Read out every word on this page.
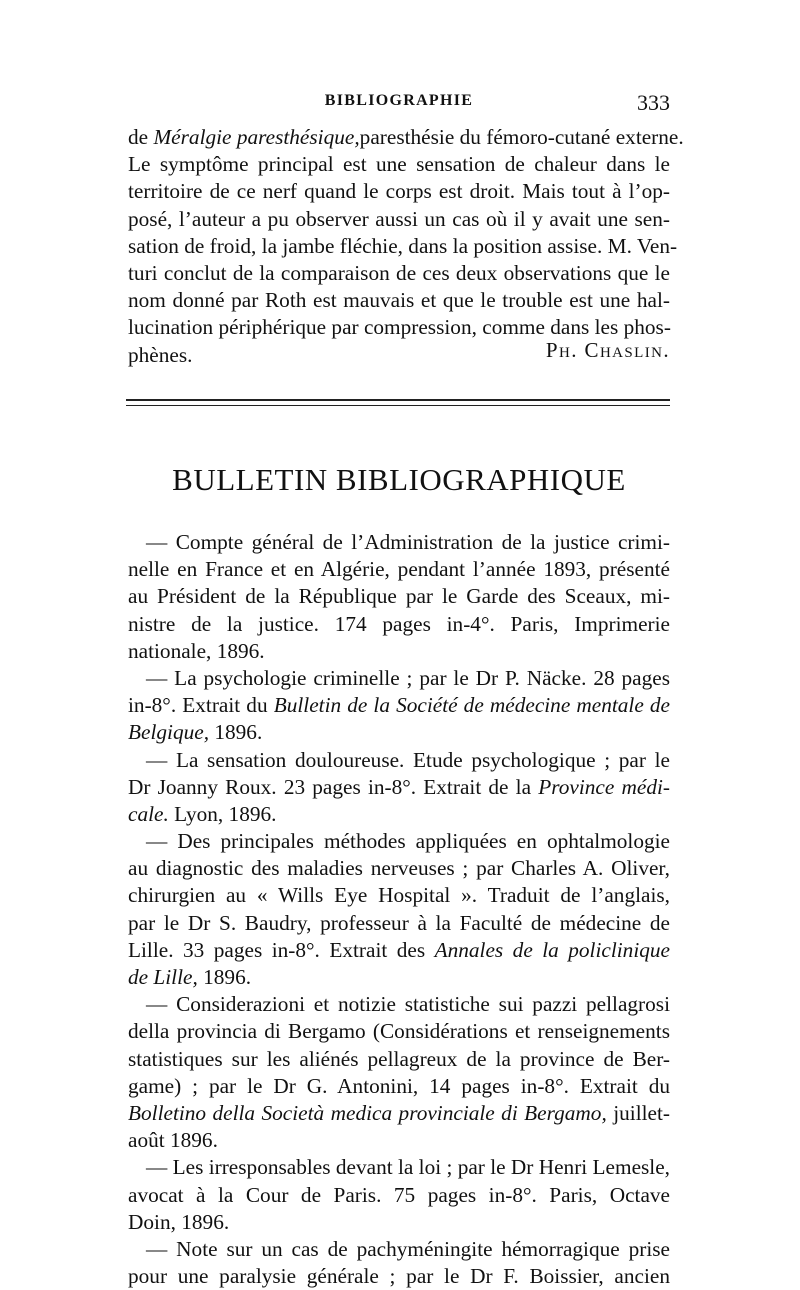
BIBLIOGRAPHIE	333
de Méralgie paresthésique,paresthésie du fémoro-cutané externe.
Le symptôme principal est une sensation de chaleur dans le
territoire de ce nerf quand le corps est droit. Mais tout à l’op-
posé, l’auteur a pu observer aussi un cas où il y avait une sen-
sation de froid, la jambe fléchie, dans la position assise. M. Ven-
turi conclut de la comparaison de ces deux observations que le
nom donné par Roth est mauvais et que le trouble est une hal-
lucination périphérique par compression, comme dans les phos-
phènes.	Ph. Chaslin.
BULLETIN BIBLIOGRAPHIQUE
— Compte général de l’Administration de la justice crimi-
nelle en France et en Algérie, pendant l’année 1893, présenté
au Président de la République par le Garde des Sceaux, mi-
nistre de la justice. 174 pages in-4°. Paris, Imprimerie
nationale, 1896.
— La psychologie criminelle ; par le Dr P. Näcke. 28 pages
in-8°. Extrait du Bulletin de la Société de médecine mentale de
Belgique, 1896.
— La sensation douloureuse. Etude psychologique ; par le
Dr Joanny Roux. 23 pages in-8°. Extrait de la Province médi-
cale. Lyon, 1896.
— Des principales méthodes appliquées en ophtalmologie
au diagnostic des maladies nerveuses ; par Charles A. Oliver,
chirurgien au « Wills Eye Hospital ». Traduit de l’anglais,
par le Dr S. Baudry, professeur à la Faculté de médecine de
Lille. 33 pages in-8°. Extrait des Annales de la policlinique
de Lille, 1896.
— Considerazioni et notizie statistiche sui pazzi pellagrosi
della provincia di Bergamo (Considérations et renseignements
statistiques sur les aliénés pellagreux de la province de Ber-
game) ; par le Dr G. Antonini, 14 pages in-8°. Extrait du
Bolletino della Società medica provinciale di Bergamo, juillet-
août 1896.
— Les irresponsables devant la loi ; par le Dr Henri Lemesle,
avocat à la Cour de Paris. 75 pages in-8°. Paris, Octave
Doin, 1896.
— Note sur un cas de pachyméningite hémorragique prise
pour une paralysie générale ; par le Dr F. Boissier, ancien
